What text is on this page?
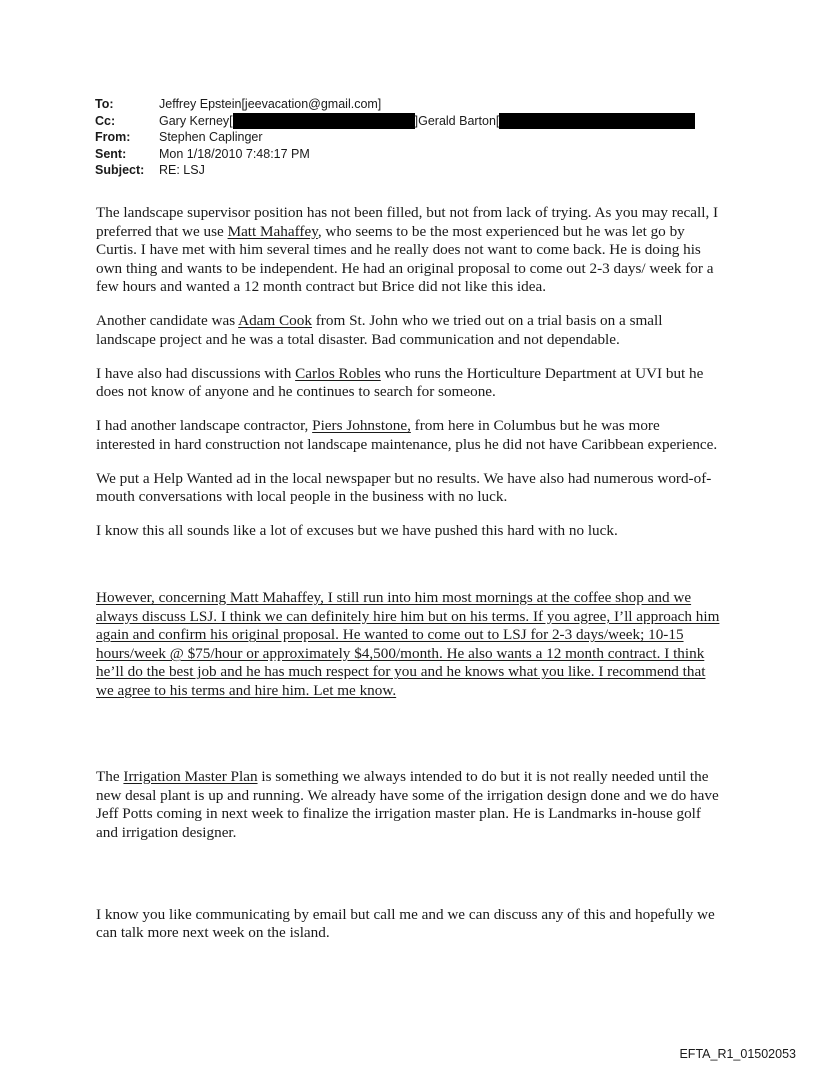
To:	Jeffrey Epstein[jeevacation@gmail.com]
Cc:	Gary Kerney[	]Gerald Barton[
From:	Stephen Caplinger
Sent:	Mon 1/18/2010 7:48:17 PM
Subject:	RE: LSJ

The landscape supervisor position has not been filled, but not from lack of trying. As you may recall, I preferred that we use Matt Mahaffey, who seems to be the most experienced but he was let go by Curtis. I have met with him several times and he really does not want to come back. He is doing his own thing and wants to be independent. He had an original proposal to come out 2-3 days/ week for a few hours and wanted a 12 month contract but Brice did not like this idea.

Another candidate was Adam Cook from St. John who we tried out on a trial basis on a small landscape project and he was a total disaster. Bad communication and not dependable.

I have also had discussions with Carlos Robles who runs the Horticulture Department at UVI but he does not know of anyone and he continues to search for someone.

I had another landscape contractor, Piers Johnstone, from here in Columbus but he was more interested in hard construction not landscape maintenance, plus he did not have Caribbean experience.

We put a Help Wanted ad in the local newspaper but no results. We have also had numerous word-of-mouth conversations with local people in the business with no luck.

I know this all sounds like a lot of excuses but we have pushed this hard with no luck.

However, concerning Matt Mahaffey, I still run into him most mornings at the coffee shop and we always discuss LSJ. I think we can definitely hire him but on his terms. If you agree, I’ll approach him again and confirm his original proposal. He wanted to come out to LSJ for 2-3 days/week; 10-15 hours/week @ $75/hour or approximately $4,500/month. He also wants a 12 month contract. I think he’ll do the best job and he has much respect for you and he knows what you like. I recommend that we agree to his terms and hire him. Let me know.

The Irrigation Master Plan is something we always intended to do but it is not really needed until the new desal plant is up and running. We already have some of the irrigation design done and we do have Jeff Potts coming in next week to finalize the irrigation master plan. He is Landmarks in-house golf and irrigation designer.

I know you like communicating by email but call me and we can discuss any of this and hopefully we can talk more next week on the island.

EFTA_R1_01502053
